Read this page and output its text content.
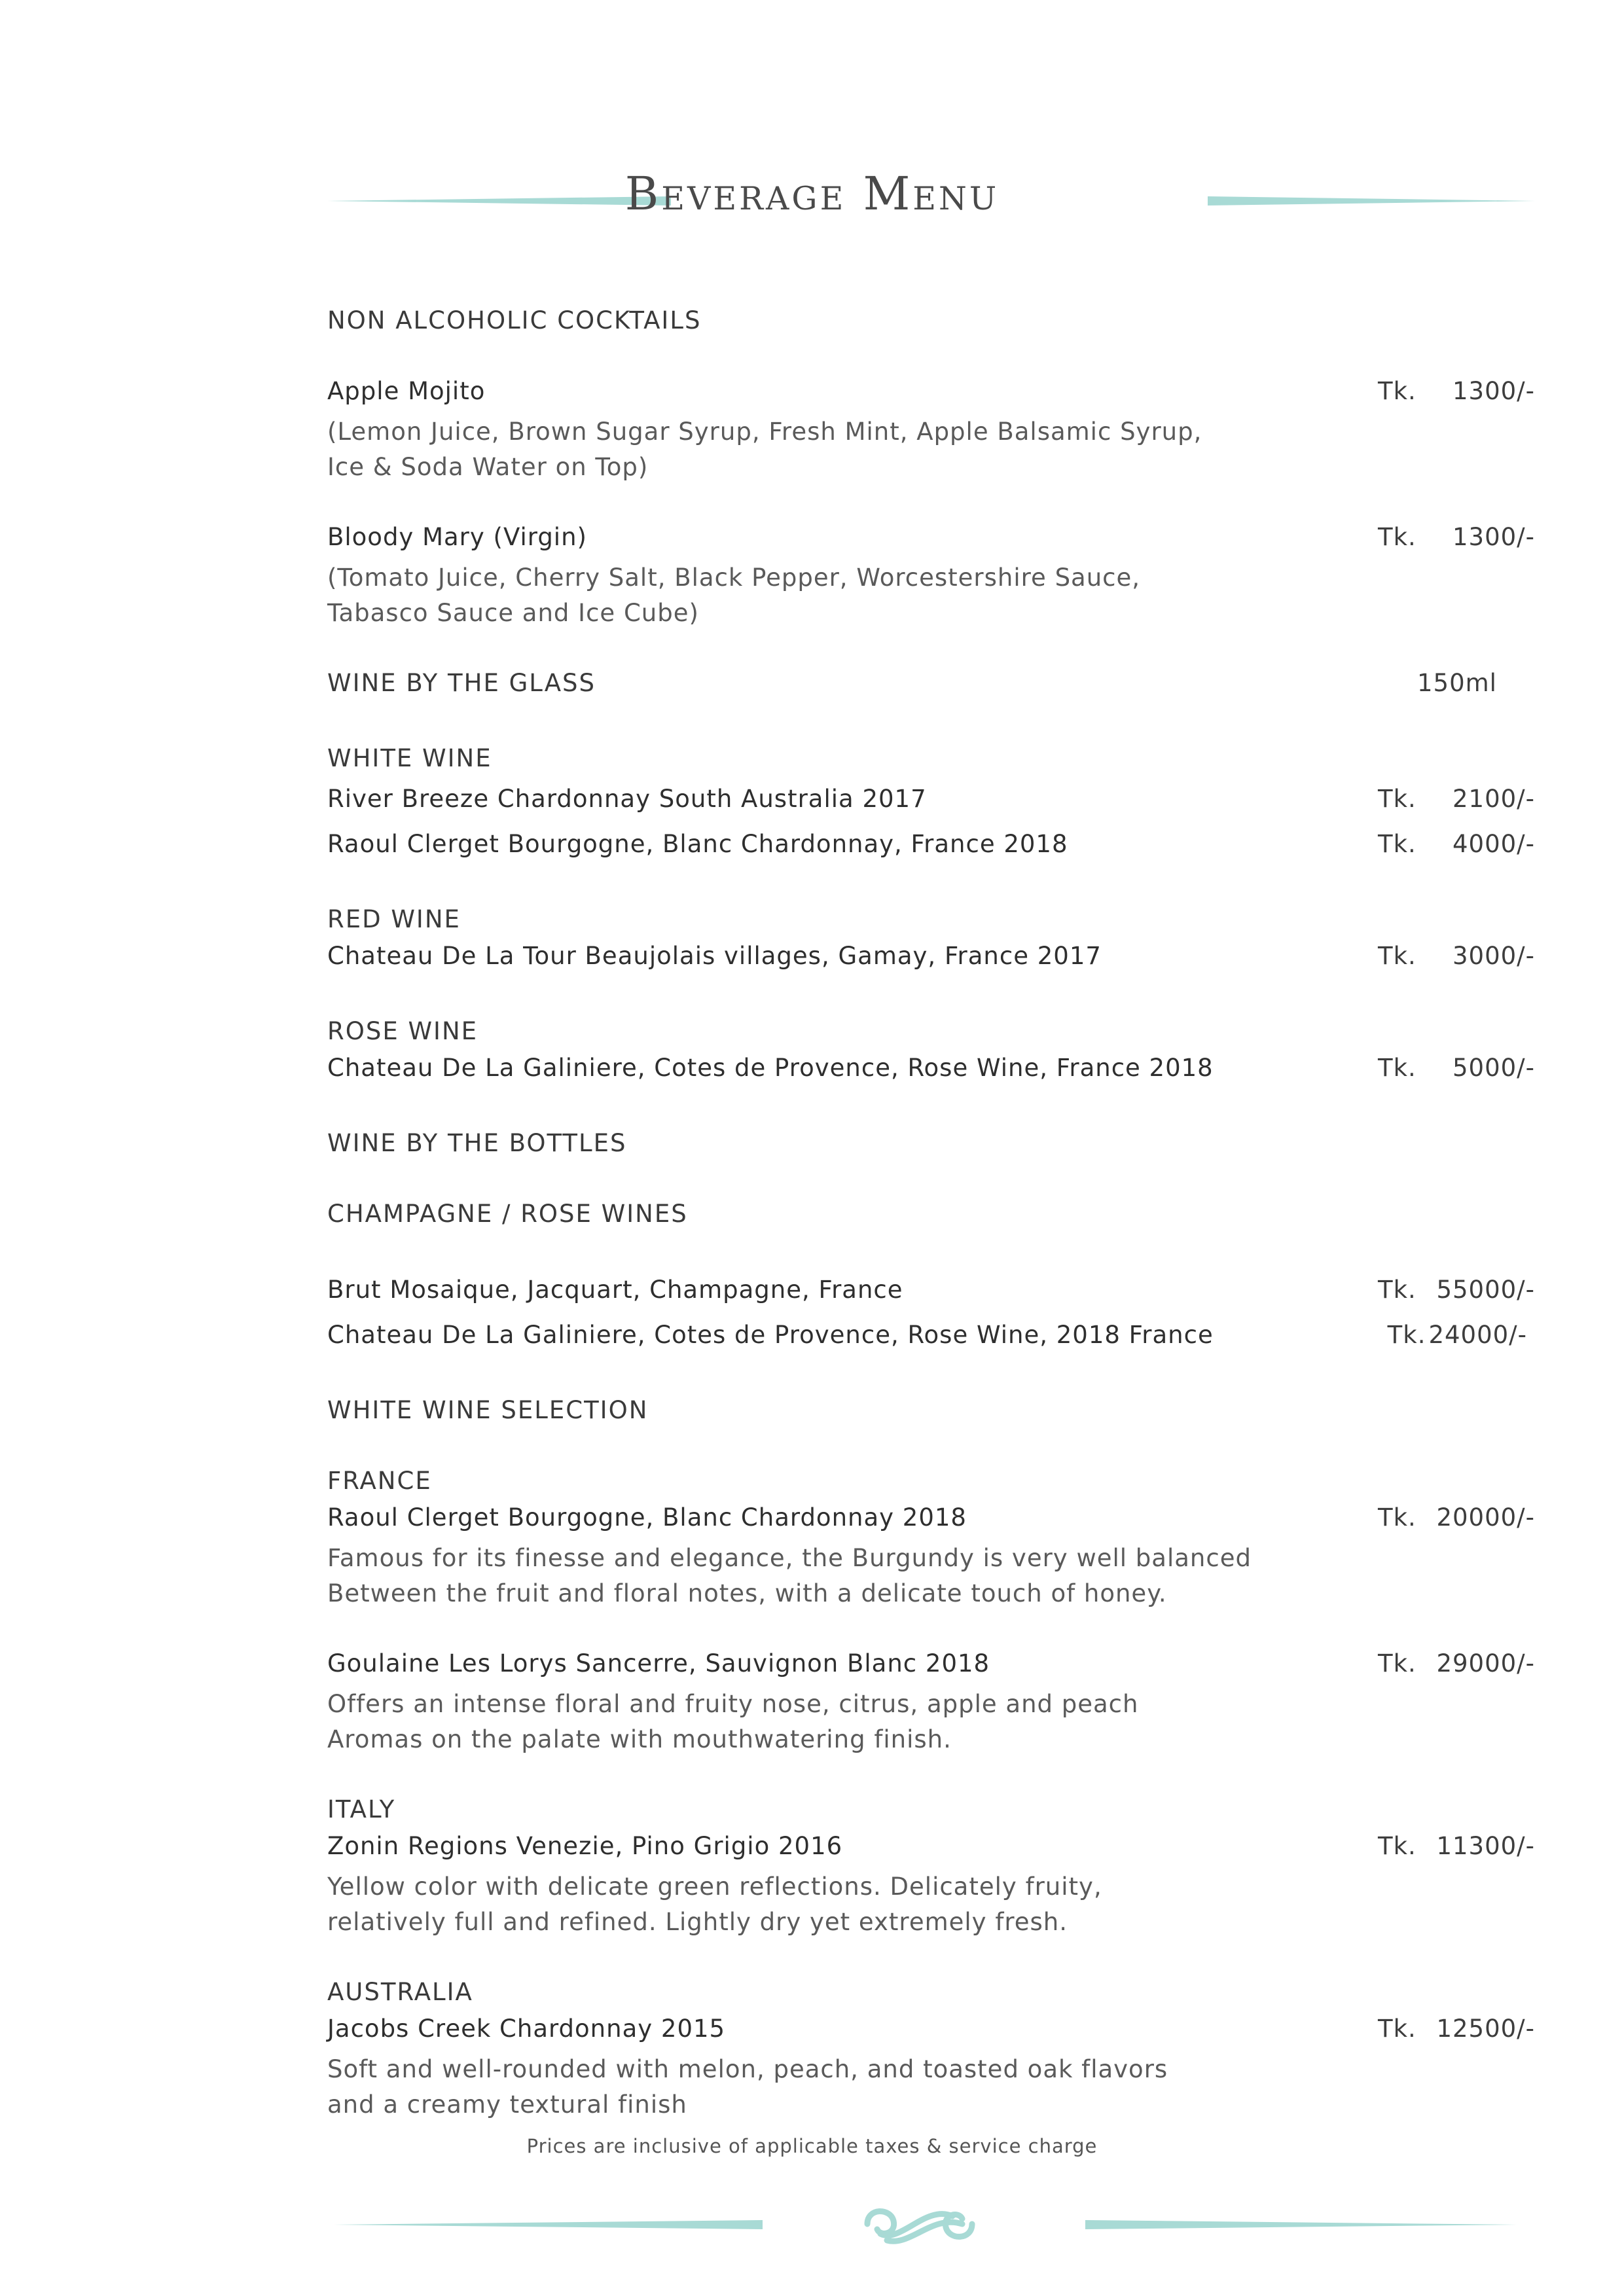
Beverage Menu
NON ALCOHOLIC COCKTAILS
Apple Mojito	Tk. 1300/-
(Lemon Juice, Brown Sugar Syrup, Fresh Mint, Apple Balsamic Syrup,
Ice & Soda Water on Top)
Bloody Mary (Virgin)	Tk. 1300/-
(Tomato Juice, Cherry Salt, Black Pepper, Worcestershire Sauce,
Tabasco Sauce and Ice Cube)
WINE BY THE GLASS	150ml
WHITE WINE
River Breeze Chardonnay South Australia 2017	Tk. 2100/-
Raoul Clerget Bourgogne, Blanc Chardonnay, France 2018	Tk. 4000/-
RED WINE
Chateau De La Tour Beaujolais villages, Gamay, France 2017	Tk. 3000/-
ROSE WINE
Chateau De La Galiniere, Cotes de Provence, Rose Wine, France 2018	Tk. 5000/-
WINE BY THE BOTTLES
CHAMPAGNE / ROSE WINES
Brut Mosaique, Jacquart, Champagne, France	Tk. 55000/-
Chateau De La Galiniere, Cotes de Provence, Rose Wine, 2018 France	Tk. 24000/-
WHITE WINE SELECTION
FRANCE
Raoul Clerget Bourgogne, Blanc Chardonnay 2018	Tk. 20000/-
Famous for its finesse and elegance, the Burgundy is very well balanced
Between the fruit and floral notes, with a delicate touch of honey.
Goulaine Les Lorys Sancerre, Sauvignon Blanc 2018	Tk. 29000/-
Offers an intense floral and fruity nose, citrus, apple and peach
Aromas on the palate with mouthwatering finish.
ITALY
Zonin Regions Venezie, Pino Grigio 2016	Tk. 11300/-
Yellow color with delicate green reflections. Delicately fruity,
relatively full and refined. Lightly dry yet extremely fresh.
AUSTRALIA
Jacobs Creek Chardonnay 2015	Tk. 12500/-
Soft and well-rounded with melon, peach, and toasted oak flavors
and a creamy textural finish
Prices are inclusive of applicable taxes & service charge
